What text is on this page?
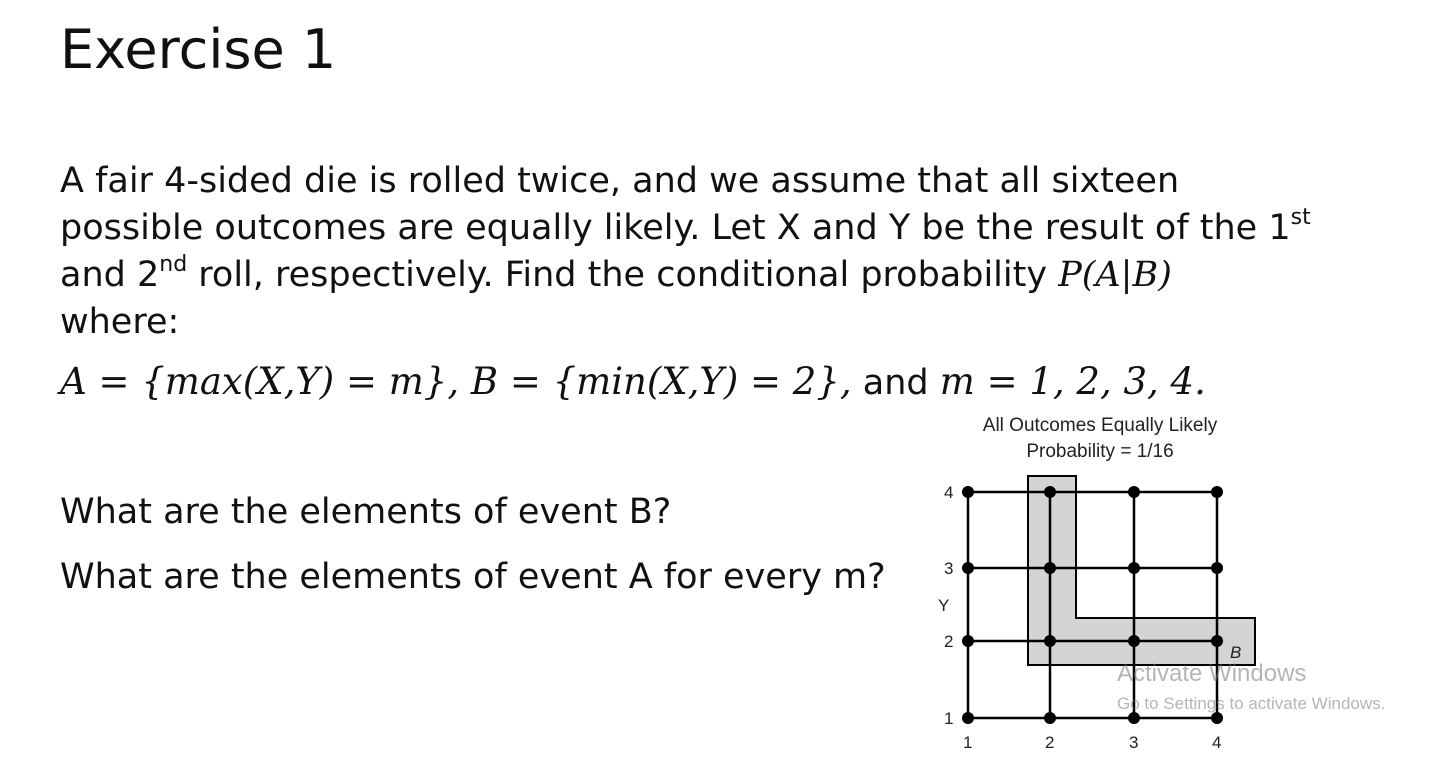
Exercise 1
A fair 4-sided die is rolled twice, and we assume that all sixteen
possible outcomes are equally likely. Let X and Y be the result of the 1st
and 2nd roll, respectively. Find the conditional probability P(A|B)
where:
A = {max(X,Y) = m}, B = {min(X,Y) = 2}, and m = 1, 2, 3, 4.
What are the elements of event B?
What are the elements of event A for every m?
All Outcomes Equally Likely
Probability = 1/16
4
3
Y
2
1
1	2	3	4
B
Activate Windows
Go to Settings to activate Windows.
